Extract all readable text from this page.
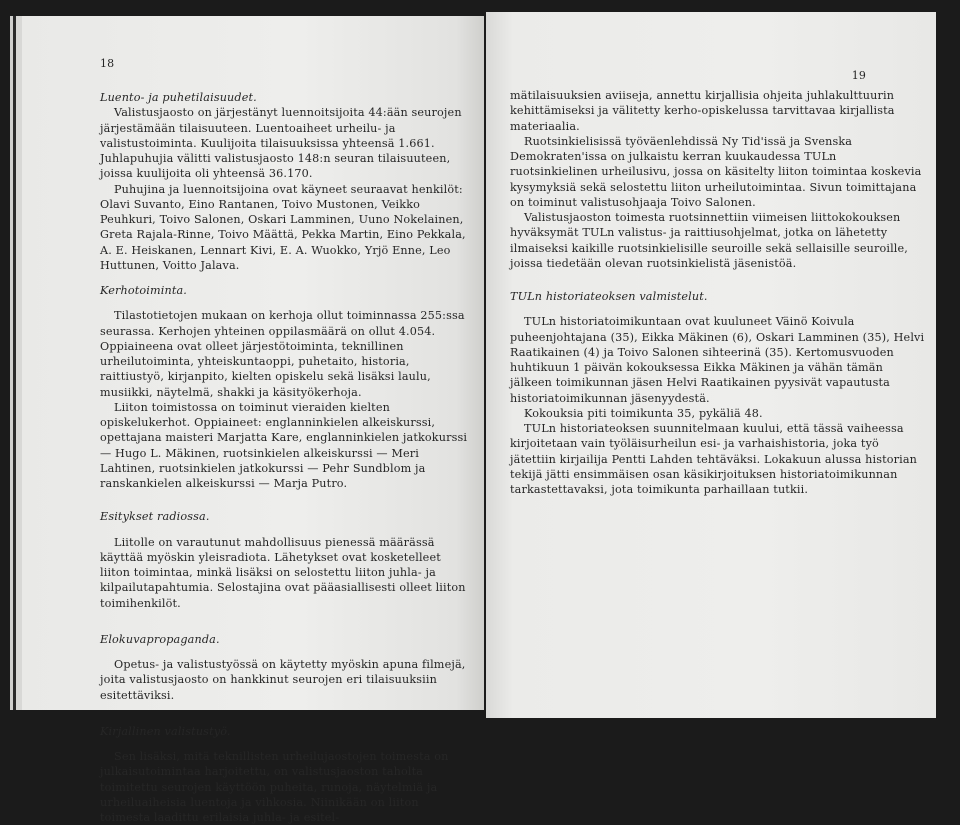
18
Luento- ja puhetilaisuudet.

Valistusjaosto on järjestänyt luennoitsijoita 44:ään seurojen järjestämään tilaisuuteen. Luentoaiheet urheilu- ja valistustoiminta. Kuulijoita tilaisuuksissa yhteensä 1.661. Juhlapuhujia välitti valistusjaosto 148:n seuran tilaisuuteen, joissa kuulijoita oli yhteensä 36.170.

Puhujina ja luennoitsijoina ovat käyneet seuraavat henkilöt: Olavi Suvanto, Eino Rantanen, Toivo Mustonen, Veikko Peuhkuri, Toivo Salonen, Oskari Lamminen, Uuno Nokelainen, Greta Rajala-Rinne, Toivo Määttä, Pekka Martin, Eino Pekkala, A. E. Heiskanen, Lennart Kivi, E. A. Wuokko, Yrjö Enne, Leo Huttunen, Voitto Jalava.

Kerhotoiminta.

Tilastotietojen mukaan on kerhoja ollut toiminnassa 255:ssa seurassa. Kerhojen yhteinen oppilasmäärä on ollut 4.054. Oppiaineena ovat olleet järjestötoiminta, teknillinen urheilutoiminta, yhteiskuntaoppi, puhetaito, historia, raittiustyö, kirjanpito, kielten opiskelu sekä lisäksi laulu, musiikki, näytelmä, shakki ja käsityökerhoja.

Liiton toimistossa on toiminut vieraiden kielten opiskelukerhot. Oppiaineet: englanninkielen alkeiskurssi, opettajana maisteri Marjatta Kare, englanninkielen jatkokurssi — Hugo L. Mäkinen, ruotsinkielen alkeiskurssi — Meri Lahtinen, ruotsinkielen jatkokurssi — Pehr Sundblom ja ranskankielen alkeiskurssi — Marja Putro.

Esitykset radiossa.

Liitolle on varautunut mahdollisuus pienessä määrässä käyttää myöskin yleisradiota. Lähetykset ovat kosketelleet liiton toimintaa, minkä lisäksi on selostettu liiton juhla- ja kilpailutapahtumia. Selostajina ovat pääasiallisesti olleet liiton toimihenkilöt.

Elokuvapropaganda.

Opetus- ja valistustyössä on käytetty myöskin apuna filmejä, joita valistusjaosto on hankkinut seurojen eri tilaisuuksiin esitettäviksi.

Kirjallinen valistustyö.

Sen lisäksi, mitä teknillisten urheilujaostojen toimesta on julkaisutoimintaa harjoitettu, on valistusjaoston taholta toimitettu seurojen käyttöön puheita, runoja, näytelmiä ja urheiluaiheisia luentoja ja vihkosia. Niinikään on liiton toimesta laadittu erilaisia juhla- ja esitel-

19

mätilaisuuksien aviiseja, annettu kirjallisia ohjeita juhlakulttuurin kehittämiseksi ja välitetty kerho-opiskelussa tarvittavaa kirjallista materiaalia.

Ruotsinkielisissä työväenlehdissä Ny Tid'issä ja Svenska Demokraten'issa on julkaistu kerran kuukaudessa TULn ruotsinkielinen urheilusivu, jossa on käsitelty liiton toimintaa koskevia kysymyksiä sekä selostettu liiton urheilutoimintaa. Sivun toimittajana on toiminut valistusohjaaja Toivo Salonen.

Valistusjaoston toimesta ruotsinnettiin viimeisen liittokokouksen hyväksymät TULn valistus- ja raittiusohjelmat, jotka on lähetetty ilmaiseksi kaikille ruotsinkielisille seuroille sekä sellaisille seuroille, joissa tiedetään olevan ruotsinkielistä jäsenistöä.

TULn historiateoksen valmistelut.

TULn historiatoimikuntaan ovat kuuluneet Väinö Koivula puheenjohtajana (35), Eikka Mäkinen (6), Oskari Lamminen (35), Helvi Raatikainen (4) ja Toivo Salonen sihteerinä (35). Kertomusvuoden huhtikuun 1 päivän kokouksessa Eikka Mäkinen ja vähän tämän jälkeen toimikunnan jäsen Helvi Raatikainen pyysivät vapautusta historiatoimikunnan jäsenyydestä.

Kokouksia piti toimikunta 35, pykäliä 48.

TULn historiateoksen suunnitelmaan kuului, että tässä vaiheessa kirjoitetaan vain työläisurheilun esi- ja varhaishistoria, joka työ jätettiin kirjailija Pentti Lahden tehtäväksi. Lokakuun alussa historian tekijä jätti ensimmäisen osan käsikirjoituksen historiatoimikunnan tarkastettavaksi, jota toimikunta parhaillaan tutkii.
